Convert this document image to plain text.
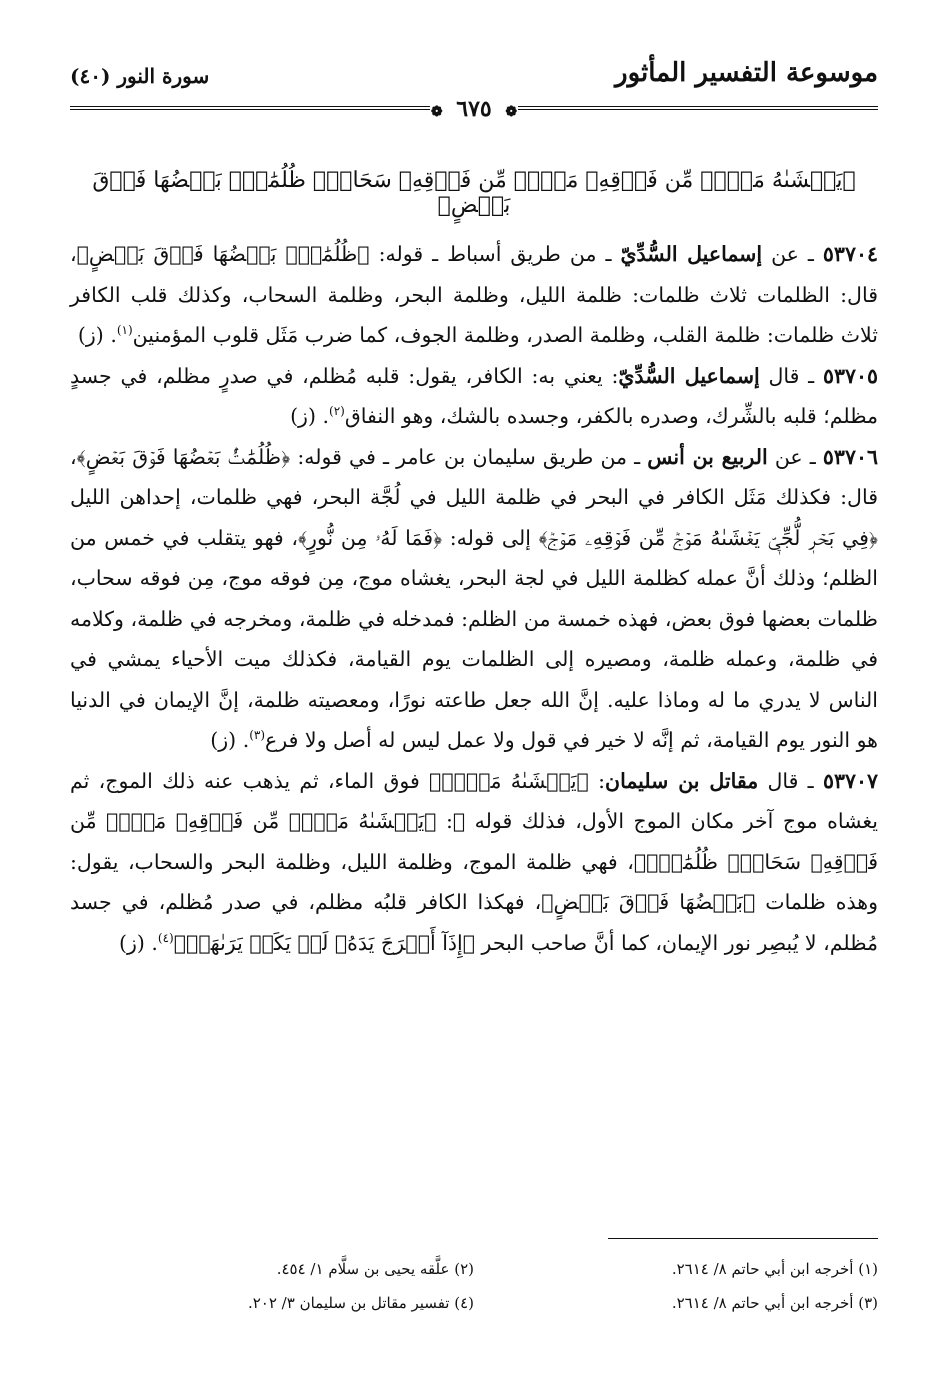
موسوعة التفسير المأثور
سورة النور (٤٠)
❁ ٦٧٥ ❁
﴿يَغۡشَىٰهُ مَوۡجٞ مِّن فَوۡقِهِۦ مَوۡجٞ مِّن فَوۡقِهِۦ سَحَابٞۚ ظُلُمَٰتُۢ بَعۡضُهَا فَوۡقَ بَعۡضٍ﴾

٥٣٧٠٤ ـ عن إسماعيل السُّدِّيّ ـ من طريق أسباط ـ قوله: ﴿ظُلُمَٰتُۢ بَعۡضُهَا فَوۡقَ بَعۡضٍ﴾، قال: الظلمات ثلاث ظلمات: ظلمة الليل، وظلمة البحر، وظلمة السحاب، وكذلك قلب الكافر ثلاث ظلمات: ظلمة القلب، وظلمة الصدر، وظلمة الجوف، كما ضرب مَثَل قلوب المؤمنين$^{(١)}$. (ز)

٥٣٧٠٥ ـ قال إسماعيل السُّدِّيّ: يعني به: الكافر، يقول: قلبه مُظلم، في صدرٍ مظلم، في جسدٍ مظلم؛ قلبه بالشِّرك، وصدره بالكفر، وجسده بالشك، وهو النفاق$^{(٢)}$. (ز)

٥٣٧٠٦ ـ عن الربيع بن أنس ـ من طريق سليمان بن عامر ـ في قوله: ﴿ظُلُمَٰتُۢ بَعۡضُهَا فَوۡقَ بَعۡضٍ﴾، قال: فكذلك مَثَل الكافر في البحر في ظلمة الليل في لُجَّة البحر، فهي ظلمات، إحداهن الليل ﴿فِي بَحۡرٖ لُّجِّيّٖ يَغۡشَىٰهُ مَوۡجٞ مِّن فَوۡقِهِۦ مَوۡجٞ﴾ إلى قوله: ﴿فَمَا لَهُۥ مِن نُّورٍ﴾، فهو يتقلب في خمس من الظلم؛ وذلك أنَّ عمله كظلمة الليل في لجة البحر، يغشاه موج، مِن فوقه موج، مِن فوقه سحاب، ظلمات بعضها فوق بعض، فهذه خمسة من الظلم: فمدخله في ظلمة، ومخرجه في ظلمة، وكلامه في ظلمة، وعمله ظلمة، ومصيره إلى الظلمات يوم القيامة، فكذلك ميت الأحياء يمشي في الناس لا يدري ما له وماذا عليه. إنَّ الله جعل طاعته نورًا، ومعصيته ظلمة، إنَّ الإيمان في الدنيا هو النور يوم القيامة، ثم إنَّه لا خير في قول ولا عمل ليس له أصل ولا فرع$^{(٣)}$. (ز)

٥٣٧٠٧ ـ قال مقاتل بن سليمان: ﴿يَغۡشَىٰهُ مَوۡجٞ﴾ فوق الماء، ثم يذهب عنه ذلك الموج، ثم يغشاه موج آخر مكان الموج الأول، فذلك قوله ﷻ: ﴿يَغۡشَىٰهُ مَوۡجٞ مِّن فَوۡقِهِۦ مَوۡجٞ مِّن فَوۡقِهِۦ سَحَابٞۚ ظُلُمَٰتُۢ﴾، فهي ظلمة الموج، وظلمة الليل، وظلمة البحر والسحاب، يقول: وهذه ظلمات ﴿بَعۡضُهَا فَوۡقَ بَعۡضٍ﴾، فهكذا الكافر قلبُه مظلم، في صدر مُظلم، في جسد مُظلم، لا يُبصِر نور الإيمان، كما أنَّ صاحب البحر ﴿إِذَآ أَخۡرَجَ يَدَهُۥ لَمۡ يَكَدۡ يَرَىٰهَاۗ﴾$^{(٤)}$. (ز)

(١) أخرجه ابن أبي حاتم ٨/ ٢٦١٤.
(٢) علَّقه يحيى بن سلَّام ١/ ٤٥٤.
(٣) أخرجه ابن أبي حاتم ٨/ ٢٦١٤.
(٤) تفسير مقاتل بن سليمان ٣/ ٢٠٢.
